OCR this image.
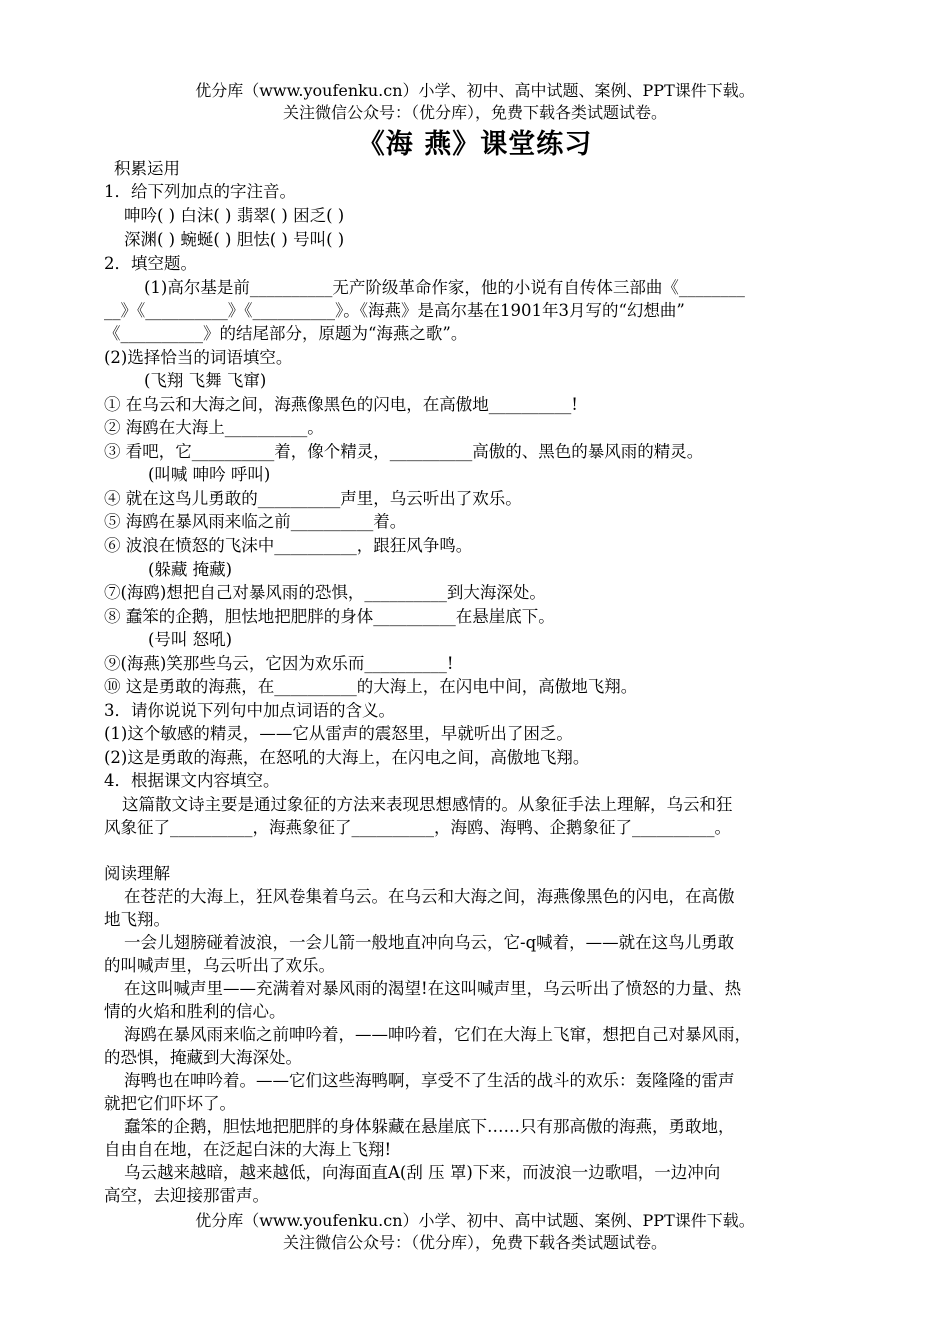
优分库（www.youfenku.cn）小学、初中、高中试题、案例、PPT课件下载。
关注微信公众号：（优分库），免费下载各类试题试卷。
《海 燕》课堂练习
积累运用
1．给下列加点的字注音。
呻吟( ) 白沫( ) 翡翠( ) 困乏( )
深渊( ) 蜿蜒( ) 胆怯( ) 号叫( )
2．填空题。
(1)高尔基是前__________无产阶级革命作家，他的小说有自传体三部曲《________
__》《__________》《__________》。《海燕》是高尔基在1901年3月写的“幻想曲”
《__________》的结尾部分，原题为“海燕之歌”。
(2)选择恰当的词语填空。
(飞翔 飞舞 飞窜)
① 在乌云和大海之间，海燕像黑色的闪电，在高傲地__________!
② 海鸥在大海上__________。
③ 看吧，它__________着，像个精灵，__________高傲的、黑色的暴风雨的精灵。
(叫喊 呻吟 呼叫)
④ 就在这鸟儿勇敢的__________声里，乌云听出了欢乐。
⑤ 海鸥在暴风雨来临之前__________着。
⑥ 波浪在愤怒的飞沫中__________，跟狂风争鸣。
(躲藏 掩藏)
⑦(海鸥)想把自己对暴风雨的恐惧，__________到大海深处。
⑧ 蠢笨的企鹅，胆怯地把肥胖的身体__________在悬崖底下。
(号叫 怒吼)
⑨(海燕)笑那些乌云，它因为欢乐而__________!
⑩ 这是勇敢的海燕，在__________的大海上，在闪电中间，高傲地飞翔。
3．请你说说下列句中加点词语的含义。
(1)这个敏感的精灵，——它从雷声的震怒里，早就听出了困乏。
(2)这是勇敢的海燕，在怒吼的大海上，在闪电之间，高傲地飞翔。
4．根据课文内容填空。
这篇散文诗主要是通过象征的方法来表现思想感情的。从象征手法上理解，乌云和狂
风象征了__________，海燕象征了__________，海鸥、海鸭、企鹅象征了__________。
阅读理解
在苍茫的大海上，狂风卷集着乌云。在乌云和大海之间，海燕像黑色的闪电，在高傲
地飞翔。
一会儿翅膀碰着波浪，一会儿箭一般地直冲向乌云，它-q喊着，——就在这鸟儿勇敢
的叫喊声里，乌云听出了欢乐。
在这叫喊声里——充满着对暴风雨的渴望!在这叫喊声里，乌云听出了愤怒的力量、热
情的火焰和胜利的信心。
海鸥在暴风雨来临之前呻吟着，——呻吟着，它们在大海上飞窜，想把自己对暴风雨，
的恐惧，掩藏到大海深处。
海鸭也在呻吟着。——它们这些海鸭啊，享受不了生活的战斗的欢乐：轰隆隆的雷声
就把它们吓坏了。
蠢笨的企鹅，胆怯地把肥胖的身体躲藏在悬崖底下……只有那高傲的海燕，勇敢地，
自由自在地，在泛起白沫的大海上飞翔!
乌云越来越暗，越来越低，向海面直A(刮 压 罩)下来，而波浪一边歌唱，一边冲向
高空，去迎接那雷声。
优分库（www.youfenku.cn）小学、初中、高中试题、案例、PPT课件下载。
关注微信公众号：（优分库），免费下载各类试题试卷。
